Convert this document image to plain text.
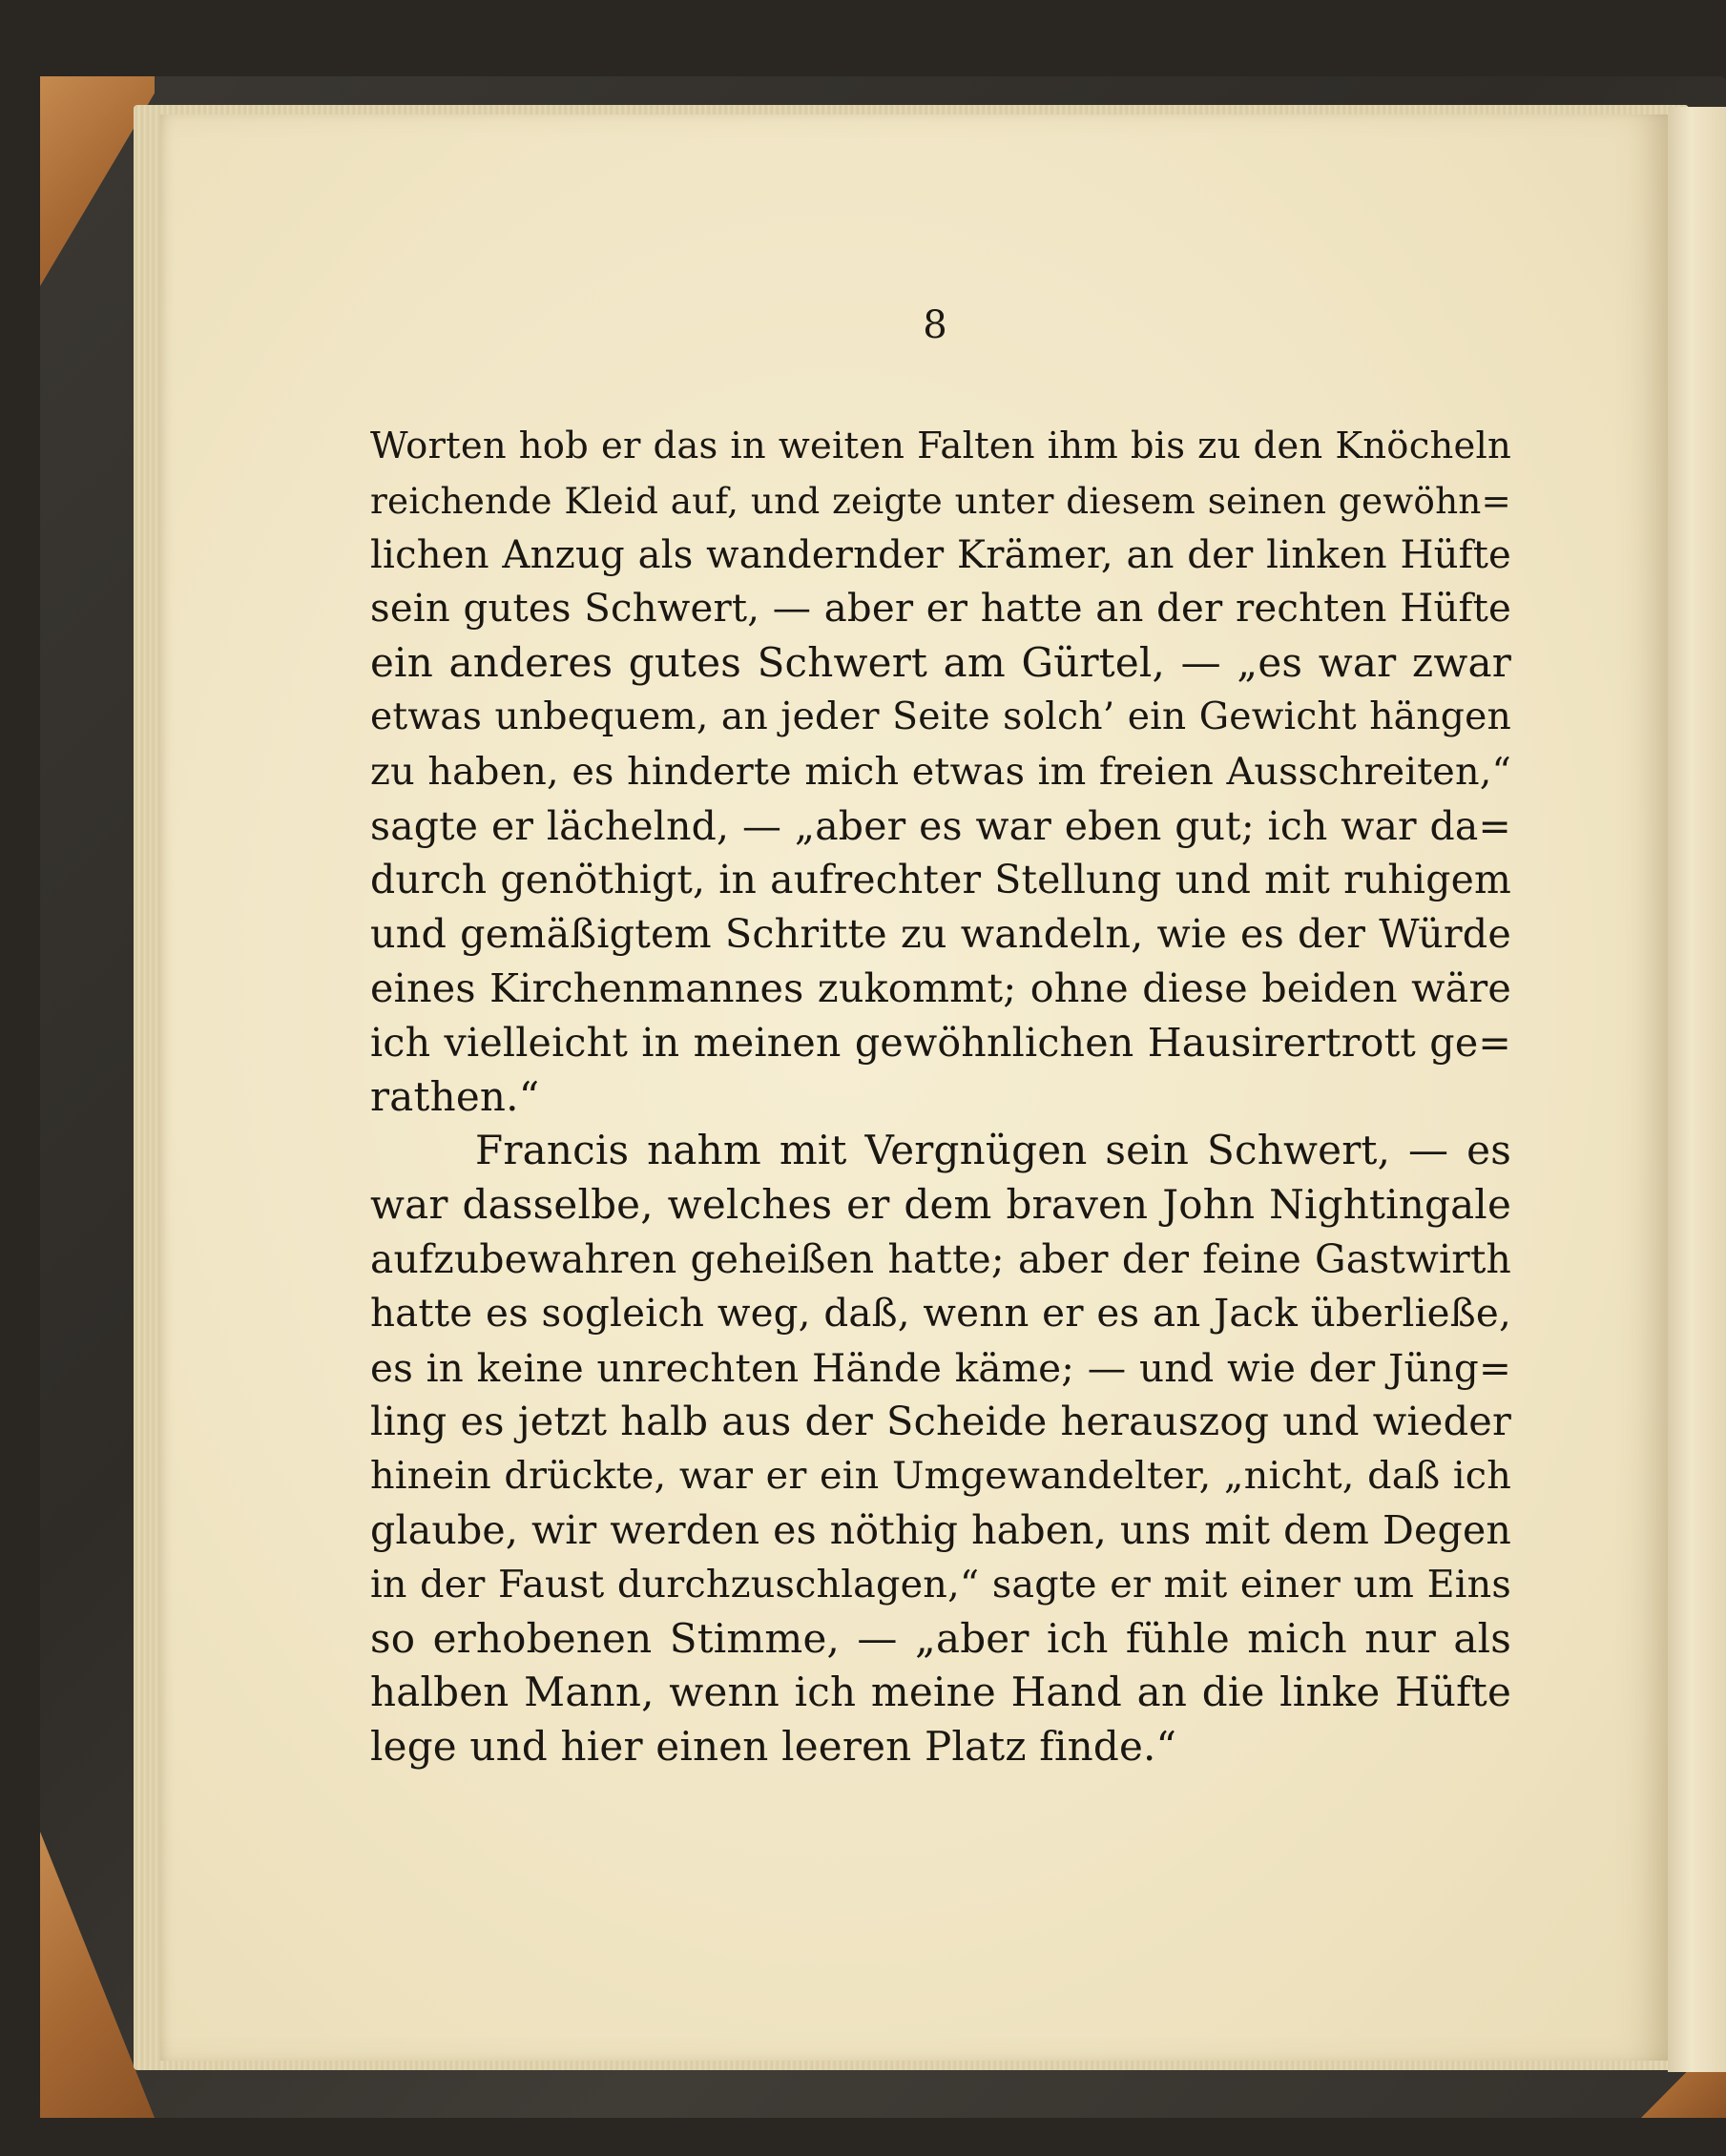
8
Worten hob er das in weiten Falten ihm bis zu den Knöcheln
reichende Kleid auf, und zeigte unter diesem seinen gewöhn=
lichen Anzug als wandernder Krämer, an der linken Hüfte
sein gutes Schwert, — aber er hatte an der rechten Hüfte
ein anderes gutes Schwert am Gürtel, — „es war zwar
etwas unbequem, an jeder Seite solch’ ein Gewicht hängen
zu haben, es hinderte mich etwas im freien Ausschreiten,“
sagte er lächelnd, — „aber es war eben gut; ich war da=
durch genöthigt, in aufrechter Stellung und mit ruhigem
und gemäßigtem Schritte zu wandeln, wie es der Würde
eines Kirchenmannes zukommt; ohne diese beiden wäre
ich vielleicht in meinen gewöhnlichen Hausirertrott ge=
rathen.“
Francis nahm mit Vergnügen sein Schwert, — es
war dasselbe, welches er dem braven John Nightingale
aufzubewahren geheißen hatte; aber der feine Gastwirth
hatte es sogleich weg, daß, wenn er es an Jack überließe,
es in keine unrechten Hände käme; — und wie der Jüng=
ling es jetzt halb aus der Scheide herauszog und wieder
hinein drückte, war er ein Umgewandelter, „nicht, daß ich
glaube, wir werden es nöthig haben, uns mit dem Degen
in der Faust durchzuschlagen,“ sagte er mit einer um Eins
so erhobenen Stimme, — „aber ich fühle mich nur als
halben Mann, wenn ich meine Hand an die linke Hüfte
lege und hier einen leeren Platz finde.“
